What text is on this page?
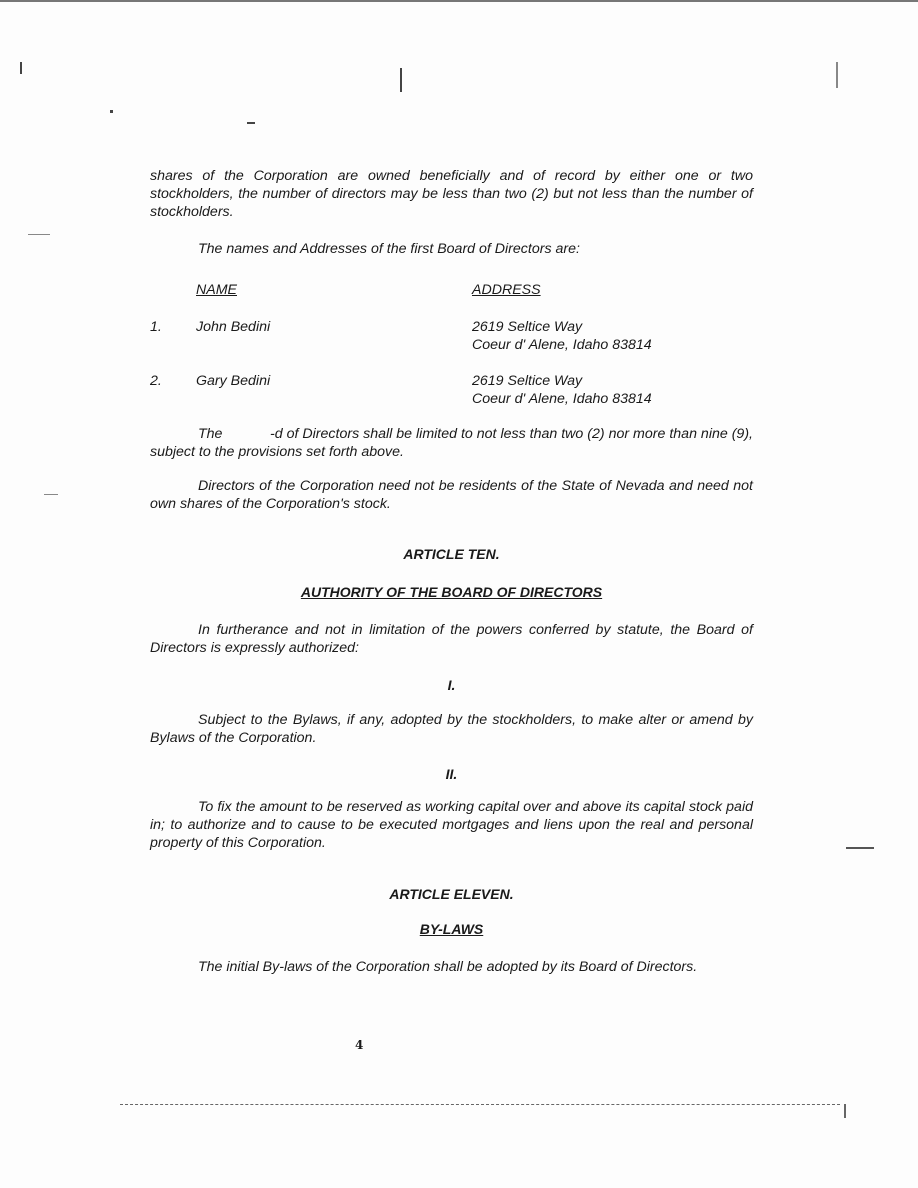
shares of the Corporation are owned beneficially and of record by either one or two stockholders, the number of directors may be less than two (2) but not less than the number of stockholders.

The names and Addresses of the first Board of Directors are:

NAME	ADDRESS
1. John Bedini	2619 Seltice Way
Coeur d' Alene, Idaho 83814
2. Gary Bedini	2619 Seltice Way
Coeur d' Alene, Idaho 83814

The            -d of Directors shall be limited to not less than two (2) nor more than nine (9), subject to the provisions set forth above.

Directors of the Corporation need not be residents of the State of Nevada and need not own shares of the Corporation's stock.

ARTICLE TEN.
AUTHORITY OF THE BOARD OF DIRECTORS

In furtherance and not in limitation of the powers conferred by statute, the Board of Directors is expressly authorized:

I.

Subject to the Bylaws, if any, adopted by the stockholders, to make alter or amend by Bylaws of the Corporation.

II.

To fix the amount to be reserved as working capital over and above its capital stock paid in; to authorize and to cause to be executed mortgages and liens upon the real and personal property of this Corporation.

ARTICLE ELEVEN.
BY-LAWS

The initial By-laws of the Corporation shall be adopted by its Board of Directors.

4
